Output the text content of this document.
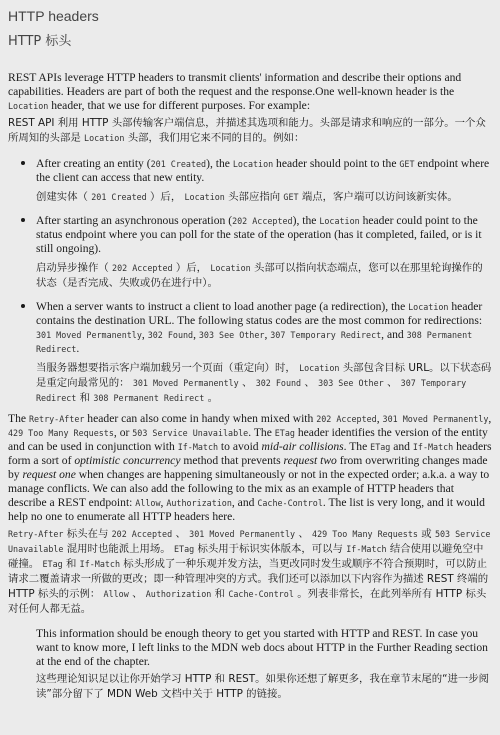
HTTP headers
HTTP 标头

REST APIs leverage HTTP headers to transmit clients' information and describe their options and capabilities. Headers are part of both the request and the response.One well-known header is the Location header, that we use for different purposes. For example:

REST API 利用 HTTP 头部传输客户端信息，并描述其选项和能力。头部是请求和响应的一部分。一个众所周知的头部是 Location 头部，我们用它来不同的目的。例如：

• After creating an entity (201 Created), the Location header should point to the GET endpoint where the client can access that new entity.

创建实体（ 201 Created ）后， Location 头部应指向 GET 端点，客户端可以访问该新实体。

• After starting an asynchronous operation (202 Accepted), the Location header could point to the status endpoint where you can poll for the state of the operation (has it completed, failed, or is it still ongoing).

启动异步操作（ 202 Accepted ）后， Location 头部可以指向状态端点，您可以在那里轮询操作的状态（是否完成、失败或仍在进行中）。

• When a server wants to instruct a client to load another page (a redirection), the Location header contains the destination URL. The following status codes are the most common for redirections: 301 Moved Permanently, 302 Found, 303 See Other, 307 Temporary Redirect, and 308 Permanent Redirect.

当服务器想要指示客户端加载另一个页面（重定向）时， Location 头部包含目标 URL。以下状态码是重定向最常见的： 301 Moved Permanently 、 302 Found 、 303 See Other 、 307 Temporary Redirect 和 308 Permanent Redirect 。

The Retry-After header can also come in handy when mixed with 202 Accepted, 301 Moved Permanently, 429 Too Many Requests, or 503 Service Unavailable. The ETag header identifies the version of the entity and can be used in conjunction with If-Match to avoid mid-air collisions. The ETag and If-Match headers form a sort of optimistic concurrency method that prevents request two from overwriting changes made by request one when changes are happening simultaneously or not in the expected order; a.k.a. a way to manage conflicts. We can also add the following to the mix as an example of HTTP headers that describe a REST endpoint: Allow, Authorization, and Cache-Control. The list is very long, and it would help no one to enumerate all HTTP headers here.

Retry-After 标头在与 202 Accepted 、 301 Moved Permanently 、 429 Too Many Requests 或 503 Service Unavailable 混用时也能派上用场。 ETag 标头用于标识实体版本，可以与 If-Match 结合使用以避免空中碰撞。 ETag 和 If-Match 标头形成了一种乐观并发方法，当更改同时发生或顺序不符合预期时，可以防止请求二覆盖请求一所做的更改；即一种管理冲突的方式。我们还可以添加以下内容作为描述 REST 终端的 HTTP 标头的示例： Allow 、 Authorization 和 Cache-Control 。列表非常长，在此列举所有 HTTP 标头对任何人都无益。

This information should be enough theory to get you started with HTTP and REST. In case you want to know more, I left links to the MDN web docs about HTTP in the Further Reading section at the end of the chapter.

这些理论知识足以让你开始学习 HTTP 和 REST。如果你还想了解更多，我在章节末尾的“进一步阅读”部分留下了 MDN Web 文档中关于 HTTP 的链接。
